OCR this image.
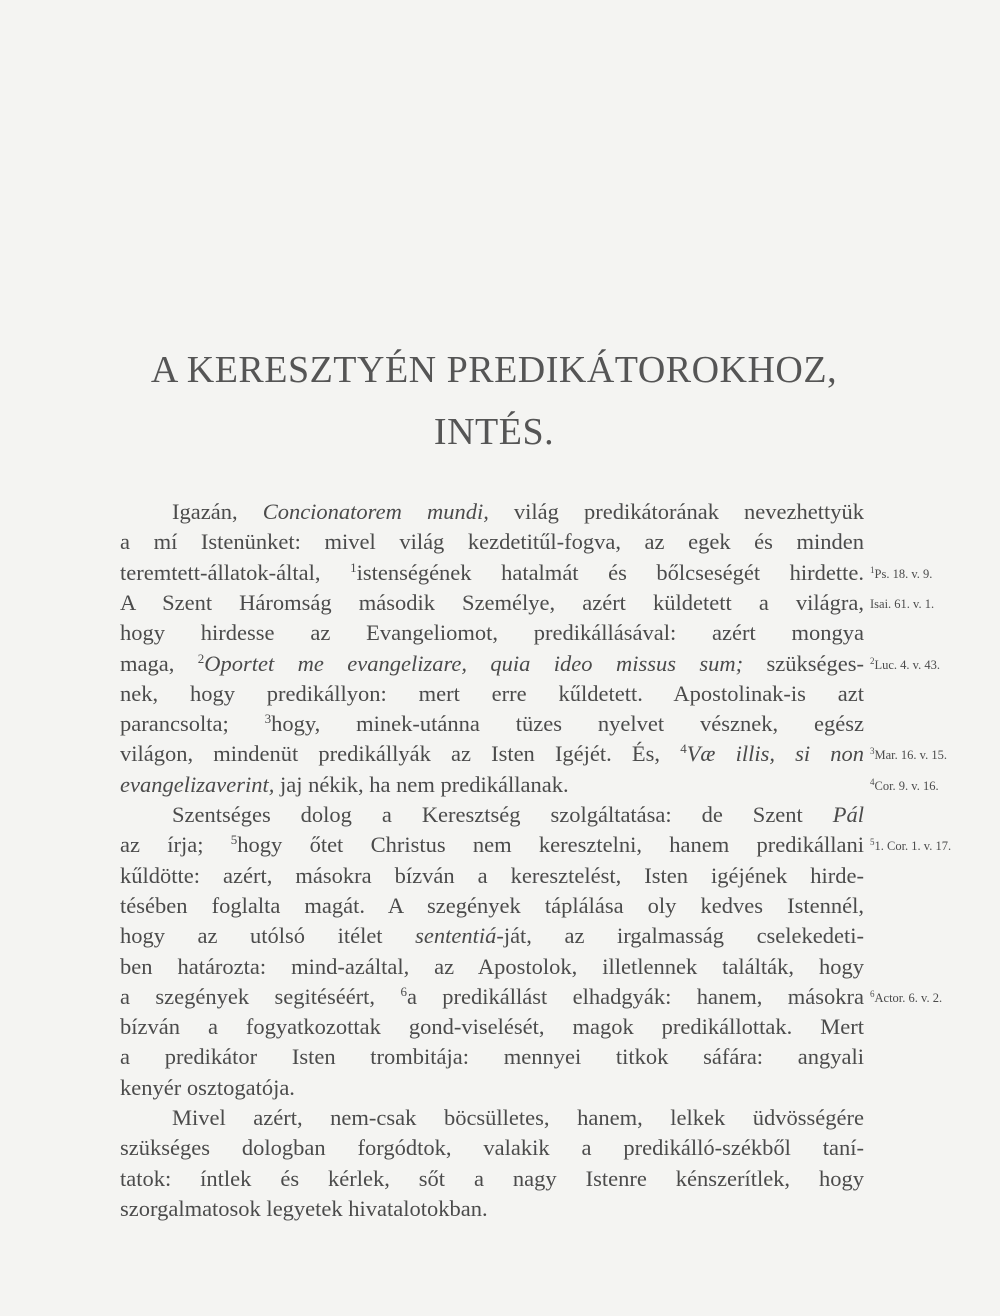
A KERESZTYÉN PREDIKÁTOROKHOZ,
INTÉS.
Igazán, Concionatorem mundi, világ predikátorának nevezhettyük
a mí Istenünket: mivel világ kezdetitűl-fogva, az egek és minden
teremtett-állatok-által, $^1$istenségének hatalmát és bőlcseségét hirdette.
A Szent Háromság második Személye, azért küldetett a világra,
hogy hirdesse az Evangeliomot, predikállásával: azért mongya
maga, $^2$Oportet me evangelizare, quia ideo missus sum; szükséges-
nek, hogy predikállyon: mert erre kűldetett. Apostolinak-is azt
parancsolta; $^3$hogy, minek-utánna tüzes nyelvet vésznek, egész
világon, mindenüt predikállyák az Isten Igéjét. És, $^4$Væ illis, si non
evangelizaverint, jaj nékik, ha nem predikállanak.
Szentséges dolog a Keresztség szolgáltatása: de Szent Pál
az írja; $^5$hogy őtet Christus nem keresztelni, hanem predikállani
kűldötte: azért, másokra bízván a keresztelést, Isten igéjének hirde-
tésében foglalta magát. A szegények táplálása oly kedves Istennél,
hogy az utólsó itélet sententiá-ját, az irgalmasság cselekedeti-
ben határozta: mind-azáltal, az Apostolok, illetlennek találták, hogy
a szegények segitéséért, $^6$a predikállást elhadgyák: hanem, másokra
bízván a fogyatkozottak gond-viselését, magok predikállottak. Mert
a predikátor Isten trombitája: mennyei titkok sáfára: angyali
kenyér osztogatója.
Mivel azért, nem-csak böcsülletes, hanem, lelkek üdvösségére
szükséges dologban forgódtok, valakik a predikálló-székből taní-
tatok: íntlek és kérlek, sőt a nagy Istenre kénszerítlek, hogy
szorgalmatosok legyetek hivatalotokban.
$^1$Ps. 18. v. 9.
Isai. 61. v. 1.
$^2$Luc. 4. v. 43.
$^3$Mar. 16. v. 15.
$^4$Cor. 9. v. 16.
$^5$1. Cor. 1. v. 17.
$^6$Actor. 6. v. 2.
